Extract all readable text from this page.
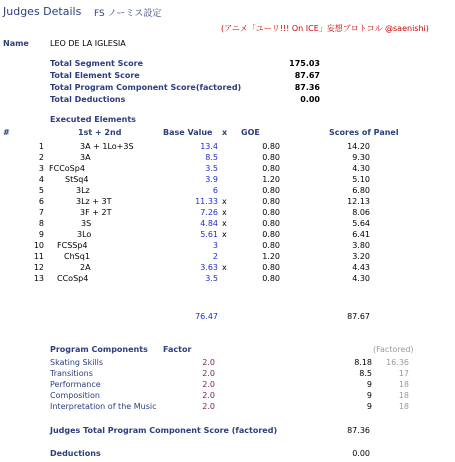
Judges Details FS ノーミス設定
(アニメ「ユーリ!!! On ICE」妄想プロトコル @saenishi)
Name	LEO DE LA IGLESIA
Total Segment Score	175.03
Total Element Score	87.67
Total Program Component Score(factored)	87.36
Total Deductions	0.00
Executed Elements
#	1st + 2nd	Base Value x GOE	Scores of Panel
1	3A + 1Lo+3S	13.4	0.80	14.20
2	3A	8.5	0.80	9.30
3 FCCoSp4	3.5	0.80	4.30
4	StSq4	3.9	1.20	5.10
5	3Lz	6	0.80	6.80
6	3Lz + 3T	11.33 x	0.80	12.13
7	3F + 2T	7.26 x	0.80	8.06
8	3S	4.84 x	0.80	5.64
9	3Lo	5.61 x	0.80	6.41
10 FCSSp4	3	0.80	3.80
11	ChSq1	2	1.20	3.20
12	2A	3.63 x	0.80	4.43
13 CCoSp4	3.5	0.80	4.30
76.47	87.67
Program Components Factor	(Factored)
Skating Skills	2.0	8.18	16.36
Transitions	2.0	8.5	17
Performance	2.0	9	18
Composition	2.0	9	18
Interpretation of the Music	2.0	9	18
Judges Total Program Component Score (factored)	87.36
Deductions	0.00
